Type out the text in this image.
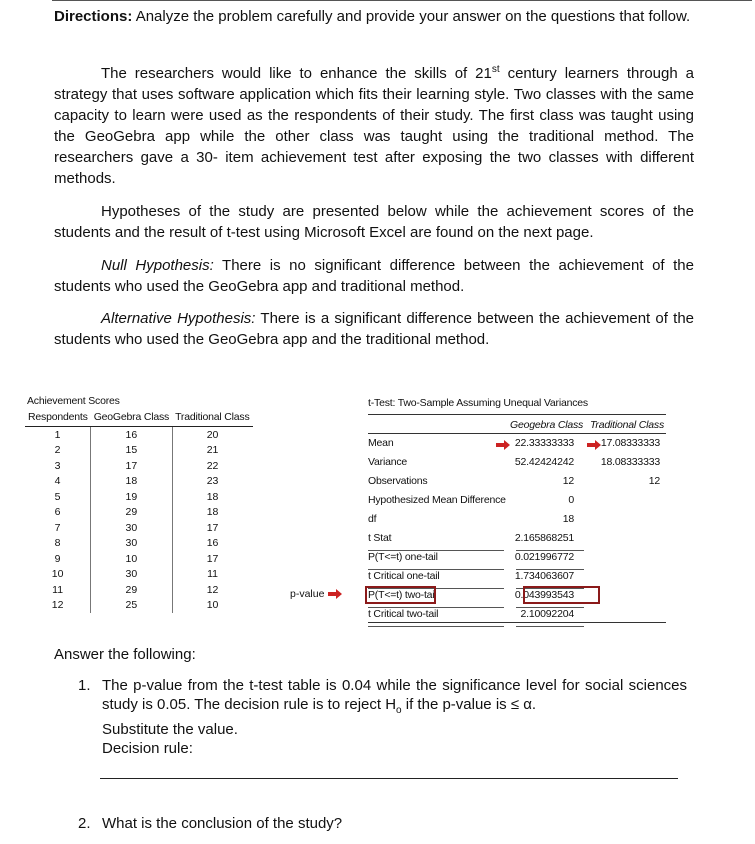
Directions: Analyze the problem carefully and provide your answer on the questions that follow.

The researchers would like to enhance the skills of 21st century learners through a strategy that uses software application which fits their learning style. Two classes with the same capacity to learn were used as the respondents of their study. The first class was taught using the GeoGebra app while the other class was taught using the traditional method. The researchers gave a 30- item achievement test after exposing the two classes with different methods.

Hypotheses of the study are presented below while the achievement scores of the students and the result of t-test using Microsoft Excel are found on the next page.

Null Hypothesis: There is no significant difference between the achievement of the students who used the GeoGebra app and traditional method.

Alternative Hypothesis: There is a significant difference between the achievement of the students who used the GeoGebra app and the traditional method.

Achievement Scores
Respondents	GeoGebra Class	Traditional Class
1	16	20
2	15	21
3	17	22
4	18	23
5	19	18
6	29	18
7	30	17
8	30	16
9	10	17
10	30	11
11	29	12
12	25	10
p-value
t-Test: Two-Sample Assuming Unequal Variances
Geogebra Class Traditional Class
Mean	22.33333333	17.08333333
Variance	52.42424242	18.08333333
Observations	12	12
Hypothesized Mean Difference	0
df	18
t Stat	2.165868251
P(T<=t) one-tail	0.021996772
t Critical one-tail	1.734063607
P(T<=t) two-tail	0.043993543
t Critical two-tail	2.10092204
Answer the following:
1. The p-value from the t-test table is 0.04 while the significance level for social sciences study is 0.05. The decision rule is to reject $H_o$ if the p-value is ≤ α.
Substitute the value.
Decision rule:
2. What is the conclusion of the study?
